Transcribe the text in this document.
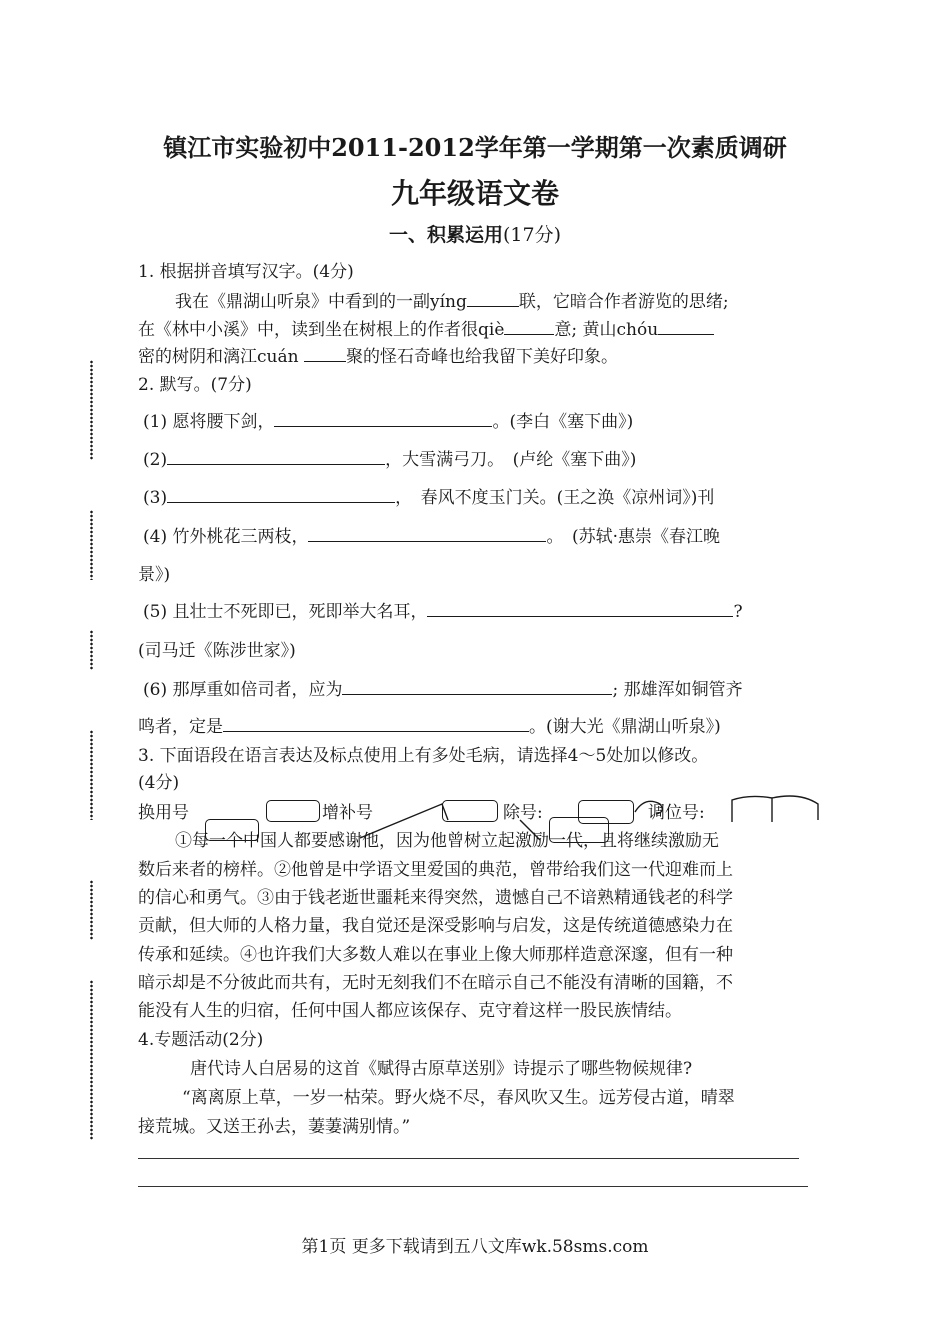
镇江市实验初中2011-2012学年第一学期第一次素质调研
九年级语文卷
一、积累运用(17分)
1. 根据拼音填写汉字。(4分)
我在《鼎湖山听泉》中看到的一副yíng	联，它暗合作者游览的思绪;
在《林中小溪》中，读到坐在树根上的作者很qiè	意; 黄山chóu
密的树阴和漓江cuán	聚的怪石奇峰也给我留下美好印象。
2. 默写。(7分)
(1) 愿将腰下剑，	。(李白《塞下曲》)
(2)	，大雪满弓刀。　(卢纶《塞下曲》)
(3)	，　春风不度玉门关。(王之涣《凉州词》)刊
(4) 竹外桃花三两枝，	。　(苏轼·惠崇《春江晚
景》)
(5) 且壮士不死即已，死即举大名耳，	?
(司马迁《陈涉世家》)
(6) 那厚重如倍司者，应为	; 那雄浑如铜管齐
鸣者，定是	。(谢大光《鼎湖山听泉》)
3. 下面语段在语言表达及标点使用上有多处毛病，请选择4～5处加以修改。
(4分)
换用号	增补号	除号:	调位号:
①每一个中国人都要感谢他，因为他曾树立起激励一代，且将继续激励无
数后来者的榜样。②他曾是中学语文里爱国的典范，曾带给我们这一代迎难而上
的信心和勇气。③由于钱老逝世噩耗来得突然，遗憾自己不谙熟精通钱老的科学
贡献，但大师的人格力量，我自觉还是深受影响与启发，这是传统道德感染力在
传承和延续。④也许我们大多数人难以在事业上像大师那样造意深邃，但有一种
暗示却是不分彼此而共有，无时无刻我们不在暗示自己不能没有清晰的国籍，不
能没有人生的归宿，任何中国人都应该保存、克守着这样一股民族情结。
4.专题活动(2分)
唐代诗人白居易的这首《赋得古原草送别》诗提示了哪些物候规律?
“离离原上草，一岁一枯荣。野火烧不尽，春风吹又生。远芳侵古道，晴翠
接荒城。又送王孙去，萋萋满别情。”
第1页 更多下载请到五八文库wk.58sms.com
